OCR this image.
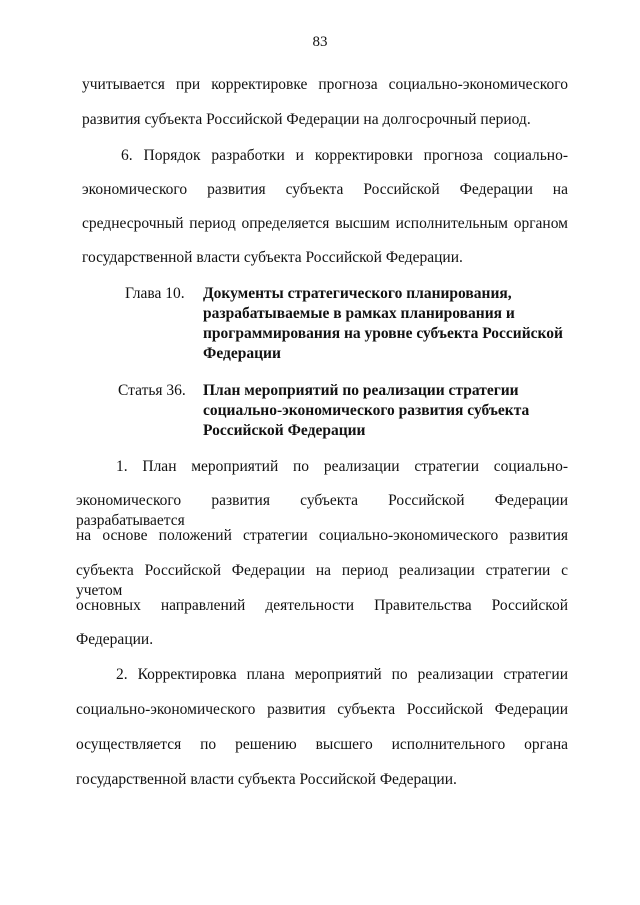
83
учитывается при корректировке прогноза социально-экономического
развития субъекта Российской Федерации на долгосрочный период.
6. Порядок разработки и корректировки прогноза социально-
экономического развития субъекта Российской Федерации на
среднесрочный период определяется высшим исполнительным органом
государственной власти субъекта Российской Федерации.
Глава 10. Документы стратегического планирования,
разрабатываемые в рамках планирования и
программирования на уровне субъекта Российской
Федерации
Статья 36. План мероприятий по реализации стратегии
социально-экономического развития субъекта
Российской Федерации
1. План мероприятий по реализации стратегии социально-
экономического развития субъекта Российской Федерации разрабатывается
на основе положений стратегии социально-экономического развития
субъекта Российской Федерации на период реализации стратегии с учетом
основных направлений деятельности Правительства Российской
Федерации.
2. Корректировка плана мероприятий по реализации стратегии
социально-экономического развития субъекта Российской Федерации
осуществляется по решению высшего исполнительного органа
государственной власти субъекта Российской Федерации.
